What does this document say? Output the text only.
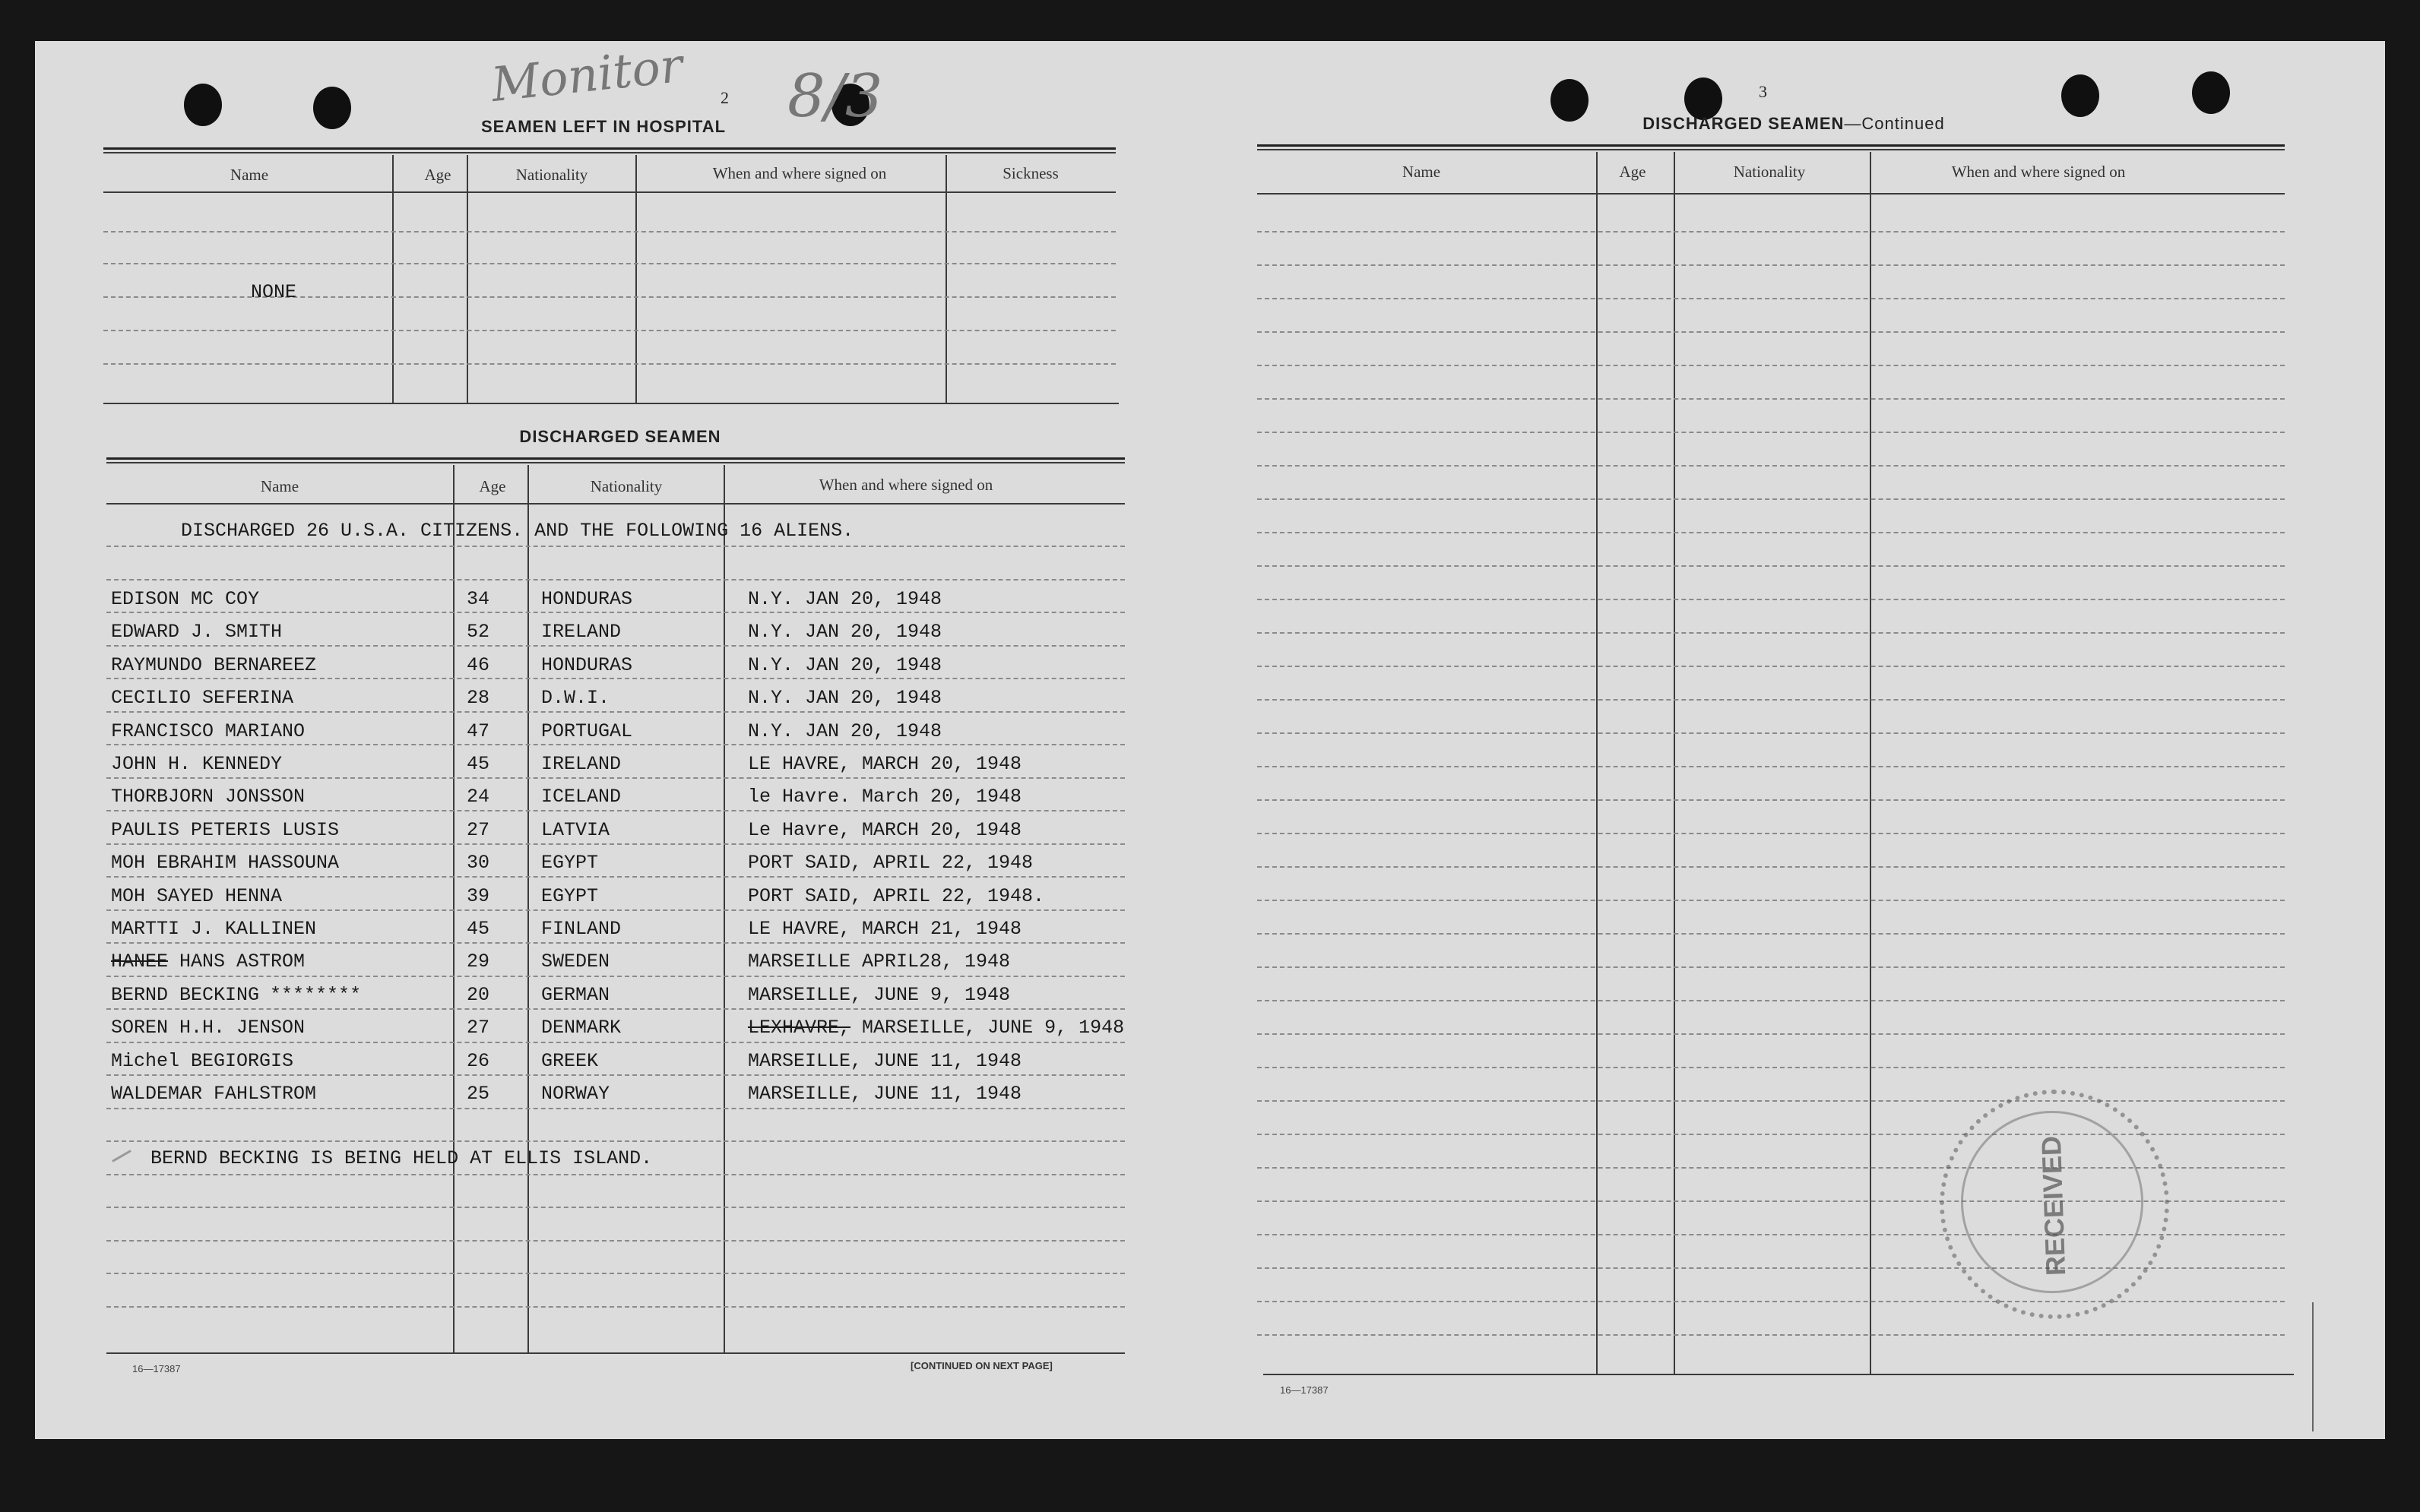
Monitor 8/3
2
SEAMEN LEFT IN HOSPITAL
Name	Age	Nationality	When and where signed on	Sickness
NONE
DISCHARGED SEAMEN
Name	Age	Nationality	When and where signed on
DISCHARGED 26 U.S.A. CITIZENS. AND THE FOLLOWING 16 ALIENS.
EDISON MC COY	34	HONDURAS	N.Y. JAN 20, 1948
EDWARD J. SMITH	52	IRELAND	N.Y. JAN 20, 1948
RAYMUNDO BERNAREEZ	46	HONDURAS	N.Y. JAN 20, 1948
CECILIO SEFERINA	28	D.W.I.	N.Y. JAN 20, 1948
FRANCISCO MARIANO	47	PORTUGAL	N.Y. JAN 20, 1948
JOHN H. KENNEDY	45	IRELAND	LE HAVRE, MARCH 20, 1948
THORBJORN JONSSON	24	ICELAND	le Havre. March 20, 1948
PAULIS PETERIS LUSIS	27	LATVIA	Le Havre, MARCH 20, 1948
MOH EBRAHIM HASSOUNA	30	EGYPT	PORT SAID, APRIL 22, 1948
MOH SAYED HENNA	39	EGYPT	PORT SAID, APRIL 22, 1948.
MARTTI J. KALLINEN	45	FINLAND	LE HAVRE, MARCH 21, 1948
HANEE HANS ASTROM	29	SWEDEN	MARSEILLE APRIL28, 1948
BERND BECKING ********	20	GERMAN	MARSEILLE, JUNE 9, 1948
SOREN H.H. JENSON	27	DENMARK	LEXHAVRE, MARSEILLE, JUNE 9, 1948
Michel BEGIORGIS	26	GREEK	MARSEILLE, JUNE 11, 1948
WALDEMAR FAHLSTROM	25	NORWAY	MARSEILLE, JUNE 11, 1948
BERND BECKING IS BEING HELD AT ELLIS ISLAND.
16—17387	[CONTINUED ON NEXT PAGE]
3
DISCHARGED SEAMEN—Continued
Name	Age	Nationality	When and where signed on
16—17387
RECEIVED
